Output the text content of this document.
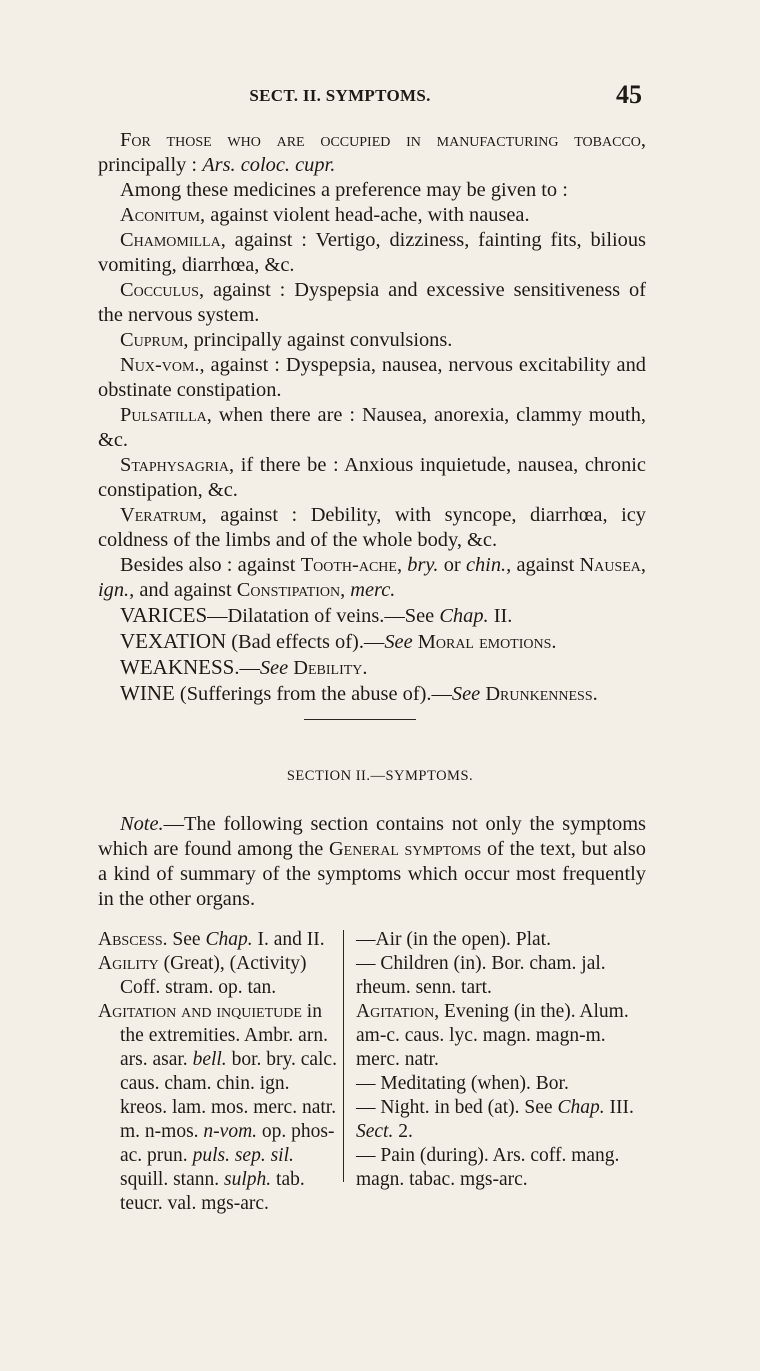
SECT. II. SYMPTOMS.	45

For those who are occupied in manufacturing tobacco, principally : Ars. coloc. cupr.

Among these medicines a preference may be given to :

Aconitum, against violent head-ache, with nausea.

Chamomilla, against : Vertigo, dizziness, fainting fits, bilious vomiting, diarrhœa, &c.

Cocculus, against : Dyspepsia and excessive sensitiveness of the nervous system.

Cuprum, principally against convulsions.

Nux-vom., against : Dyspepsia, nausea, nervous excitability and obstinate constipation.

Pulsatilla, when there are : Nausea, anorexia, clammy mouth, &c.

Staphysagria, if there be : Anxious inquietude, nausea, chronic constipation, &c.

Veratrum, against : Debility, with syncope, diarrhœa, icy coldness of the limbs and of the whole body, &c.

Besides also : against Tooth-ache, bry. or chin., against Nausea, ign., and against Constipation, merc.

VARICES—Dilatation of veins.—See Chap. II.

VEXATION (Bad effects of).—See Moral emotions.

WEAKNESS.—See Debility.

WINE (Sufferings from the abuse of).—See Drunkenness.

SECTION II.—SYMPTOMS.

Note.—The following section contains not only the symptoms which are found among the General symptoms of the text, but also a kind of summary of the symptoms which occur most frequently in the other organs.

Abscess. See Chap. I. and II.

Agility (Great), (Activity)

Coff. stram. op. tan.

Agitation and inquietude in

the extremities. Ambr. arn. ars. asar. bell. bor. bry. calc. caus. cham. chin. ign. kreos. lam. mos. merc. natr. m. n-mos. n-vom. op. phos-ac. prun. puls. sep. sil. squill. stann. sulph. tab. teucr. val. mgs-arc.

—Air (in the open). Plat.

— Children (in). Bor. cham. jal. rheum. senn. tart.

Agitation, Evening (in the). Alum. am-c. caus. lyc. magn. magn-m. merc. natr.

— Meditating (when). Bor.

— Night. in bed (at). See Chap. III. Sect. 2.

— Pain (during). Ars. coff. mang. magn. tabac. mgs-arc.
